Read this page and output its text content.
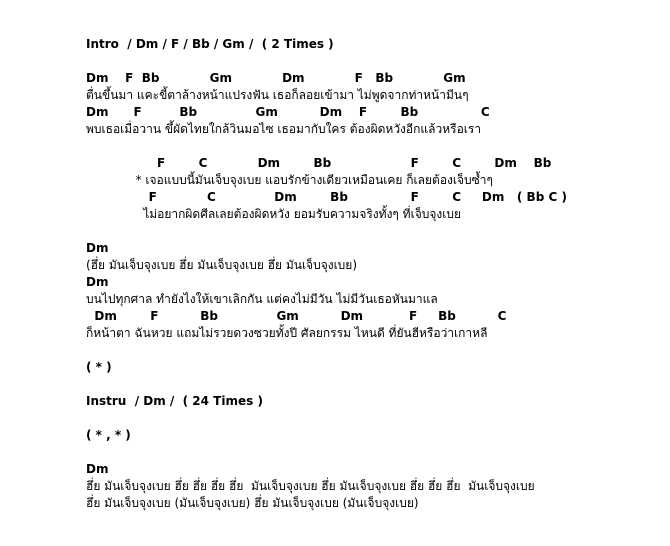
Intro  / Dm / F / Bb / Gm /  ( 2 Times )
Dm    F  Bb            Gm            Dm            F   Bb            Gm
ตื่นขึ้นมา แคะขี้ตาล้างหน้าแปรงฟัน เธอก็ลอยเข้ามา ไม่พูดจากท่าหน้ามีนๆ
Dm      F         Bb              Gm          Dm    F        Bb               C
พบเธอเมื่อวาน ขึ้ผัดไทยใกล้วินมอไซ เธอมากับใคร ต้องผิดหวังอีกแล้วหรือเรา
F        C            Dm        Bb                   F        C        Dm    Bb
* เจอแบบนี้มันเจ็บจุงเบย แอบรักข้างเดียวเหมือนเคย ก็เลยต้องเจ็บซ้ำๆ
F            C              Dm        Bb               F        C     Dm   ( Bb C )
ไม่อยากผิดศีลเลยต้องผิดหวัง ยอมรับความจริงทั้งๆ ที่เจ็บจุงเบย
Dm
(ฮึ่ย มันเจ็บจุงเบย ฮึ่ย มันเจ็บจุงเบย ฮึ่ย มันเจ็บจุงเบย)
Dm
บนไปทุกศาล ทำยังไงให้เขาเลิกกัน แต่คงไม่มีวัน ไม่มีวันเธอหันมาแล
Dm        F          Bb              Gm          Dm           F     Bb          C
ก็หน้าตา ฉันหวย แถมไม่รวยดวงซวยทั้งปี ศัลยกรรม ไหนดี ที่ยันฮีหรือว่าเกาหลี
( * )
Instru  / Dm /  ( 24 Times )
( * , * )
Dm
ฮึ่ย มันเจ็บจุงเบย ฮึ่ย ฮึ่ย ฮึ่ย ฮึ่ย  มันเจ็บจุงเบย ฮึ่ย มันเจ็บจุงเบย ฮึ่ย ฮึ่ย ฮึ่ย  มันเจ็บจุงเบย
ฮึ่ย มันเจ็บจุงเบย (มันเจ็บจุงเบย) ฮึ่ย มันเจ็บจุงเบย (มันเจ็บจุงเบย)
